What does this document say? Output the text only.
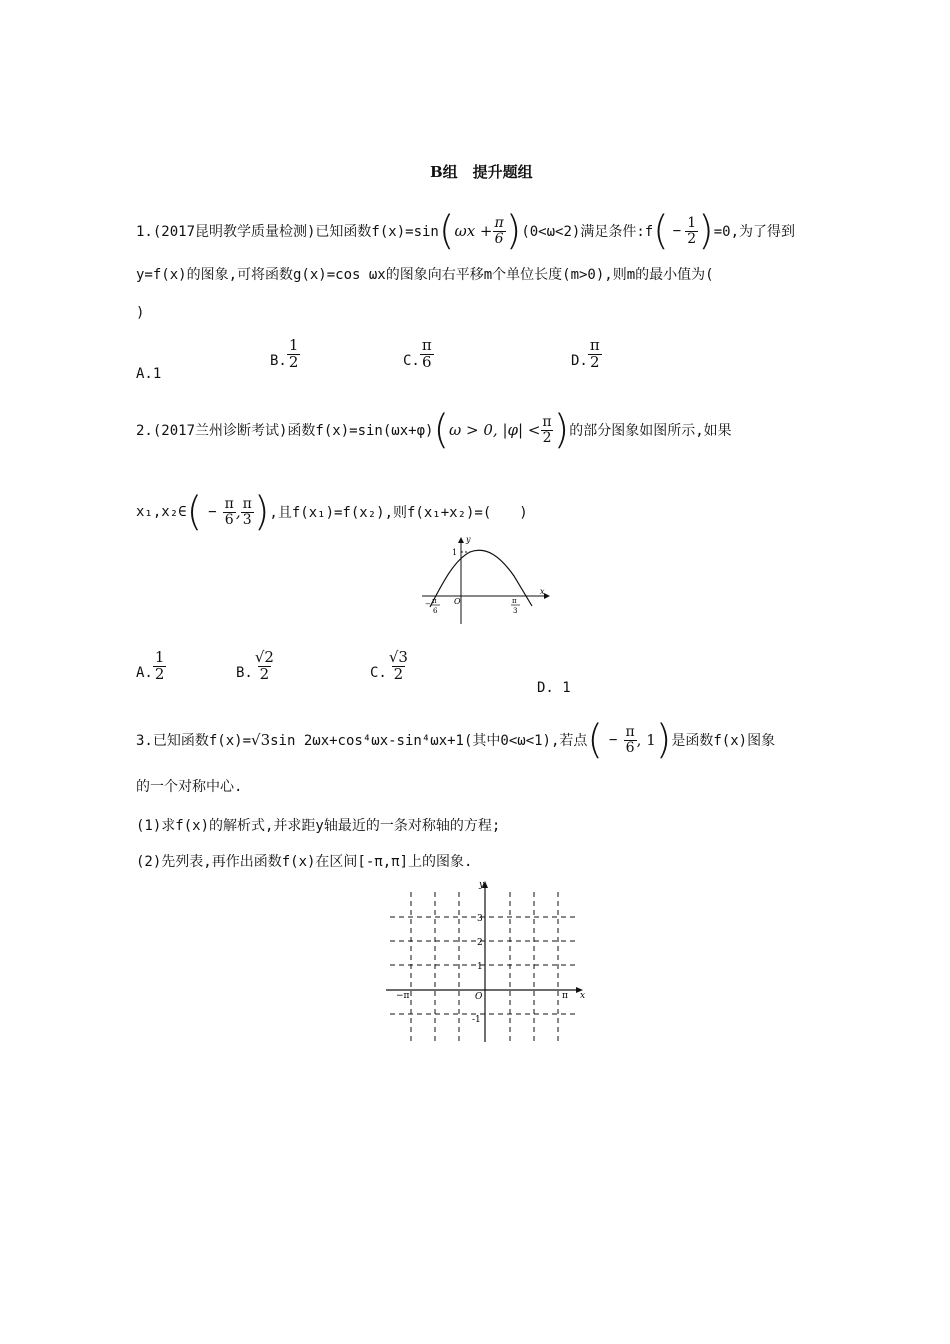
B组　提升题组
1.(2017昆明教学质量检测)已知函数f(x)=sin ( $\omega x + \frac{\pi}{6}$ ) (0<ω<2)满足条件:f ( − $\frac{1}{2}$ ) =0,为了得到
y=f(x)的图象,可将函数g(x)=cos ωx的图象向右平移m个单位长度(m>0),则m的最小值为(
)
A.1
B. $\frac{1}{2}$	C. $\frac{\pi}{6}$	D. $\frac{\pi}{2}$
2.(2017兰州诊断考试)函数f(x)=sin(ωx+φ) ( ω > 0, $|\varphi| < \frac{\pi}{2}$ ) 的部分图象如图所示,如果
x₁,x₂∈ ( − $\frac{\pi}{6}$ , $\frac{\pi}{3}$ ) ,且f(x₁)=f(x₂),则f(x₁+x₂)=(　　)
y
x
1
O
− π
6
π
3
A. $\frac{1}{2}$	B. $\frac{√2}{2}$	C. $\frac{√3}{2}$
D. 1
3.已知函数f(x)= √3 sin 2ωx+cos⁴ωx-sin⁴ωx+1(其中0<ω<1),若点 ( − $\frac{\pi}{6}$ , 1 ) 是函数f(x)图象
的一个对称中心.
(1)求f(x)的解析式,并求距y轴最近的一条对称轴的方程;
(2)先列表,再作出函数f(x)在区间[-π,π]上的图象.
y
x
O
3
2
1
-1
−π	π
